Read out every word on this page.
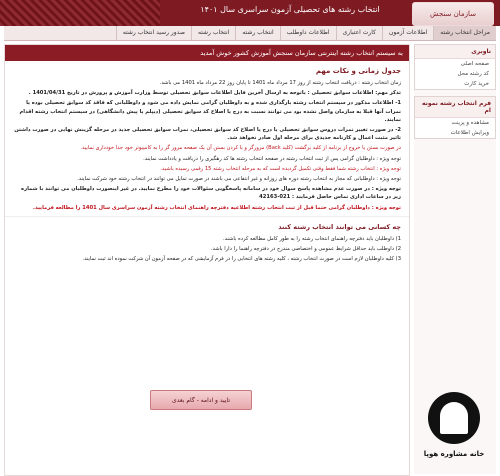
انتخاب رشته های تحصیلی آزمون سراسری سال ۱۴۰۱	سازمان سنجش
مراحل انتخاب رشته
اطلاعات آزمون
کارت اعتباری
اطلاعات داوطلب
انتخاب رشته
انتخاب رشته
صدور رسید انتخاب رشته
ناوبری
صفحه اصلی
کد رشته محل
خرید کارت
فرم انتخاب رشته نمونه ام
مشاهده و پرینت
ویرایش اطلاعات
به سیستم انتخاب رشته اینترنتی سازمان سنجش آموزش کشور خوش آمدید
جدول زمانی و نکات مهم
زمان انتخاب رشته : دریافت انتخاب رشته از روز 17 مرداد ماه 1401 تا پایان روز 22 مرداد ماه 1401 می باشد.
تذکر مهم: اطلاعات سوابق تحصیلی : باتوجه به ارسال آخرین فایل اطلاعات سوابق تحصیلی توسط وزارت آموزش و پرورش در تاریخ 1401/04/31 .
1- اطلاعات مذکور در سیستم انتخاب رشته بارگذاری شده و به داوطلبان گرامی نمایش داده می شود و داوطلبانی که فاقد کد سوابق تحصیلی بوده یا نمرات آنها قبلا به سازمان واصل نشده بود می توانند نسبت به درج یا اصلاح کد سوابق تحصیلی (دیپلم یا پیش دانشگاهی) در سیستم انتخاب رشته اقدام نمایند.
2- در صورت تغییر نمرات دروس سوابق تحصیلی یا درج یا اصلاح کد سوابق تحصیلی، نمرات سوابق تحصیلی جدید در مرحله گزینش نهایی در صورت داشتن تاثیر مثبت اعمال و کارنامه جدیدی برای مرحله اول صادر نخواهد شد.
در صورت بستن یا خروج از برنامه از کلید برگشت (کلید Back) مرورگر و یا کردن بستن آن یک صفحه مرور گر را به کامپیوتر خود جدا خودداری نمایید.
توجه ویژه : داوطلبان گرامی پس از ثبت انتخاب رشته در صفحه انتخاب رشته ها کد رهگیری را دریافت و یادداشت نمایند.
توجه ویژه : انتخاب رشته شما فقط وقتی تکمیل گردیده است که به مرحله انتخاب رشته 15 رقمی رسیده باشید.
توجه ویژه : داوطلبانی که مجاز به انتخاب رشته دوره های روزانه و غیر انتفاعی می باشند در صورت تمایل می توانند در انتخاب رشته خود شرکت نمایند.
توجه ویژه : در صورت عدم مشاهده پاسخ سوال خود در سامانه پاسخگویی سئوالات خود را مطرح نمایید. در غیر اینصورت داوطلبان می توانند با شماره زیر در ساعات اداری تماس حاصل فرمایند : 021-42163
توجه ویژه : داوطلبان گرامی حتما قبل از ثبت انتخاب رشته اطلاعیه دفترچه راهنمای انتخاب رشته آزمون سراسری سال 1401 را مطالعه فرمایید.
چه کسانی می توانند انتخاب رشته کنند
1) داوطلبان باید دفترچه راهنمای انتخاب رشته را به طور کامل مطالعه کرده باشند.
2) داوطلب باید حداقل شرایط عمومی و اختصاصی مندرج در دفترچه راهنما را دارا باشد.
3) کلیه داوطلبان لازم است در صورت انتخاب رشته ، کلیه رشته های انتخابی را در فرم آزمایشی که در صفحه آزمون آن شرکت نموده اند ثبت نمایند.
تایید و ادامه - گام بعدی
خانه مشاوره هوپا
